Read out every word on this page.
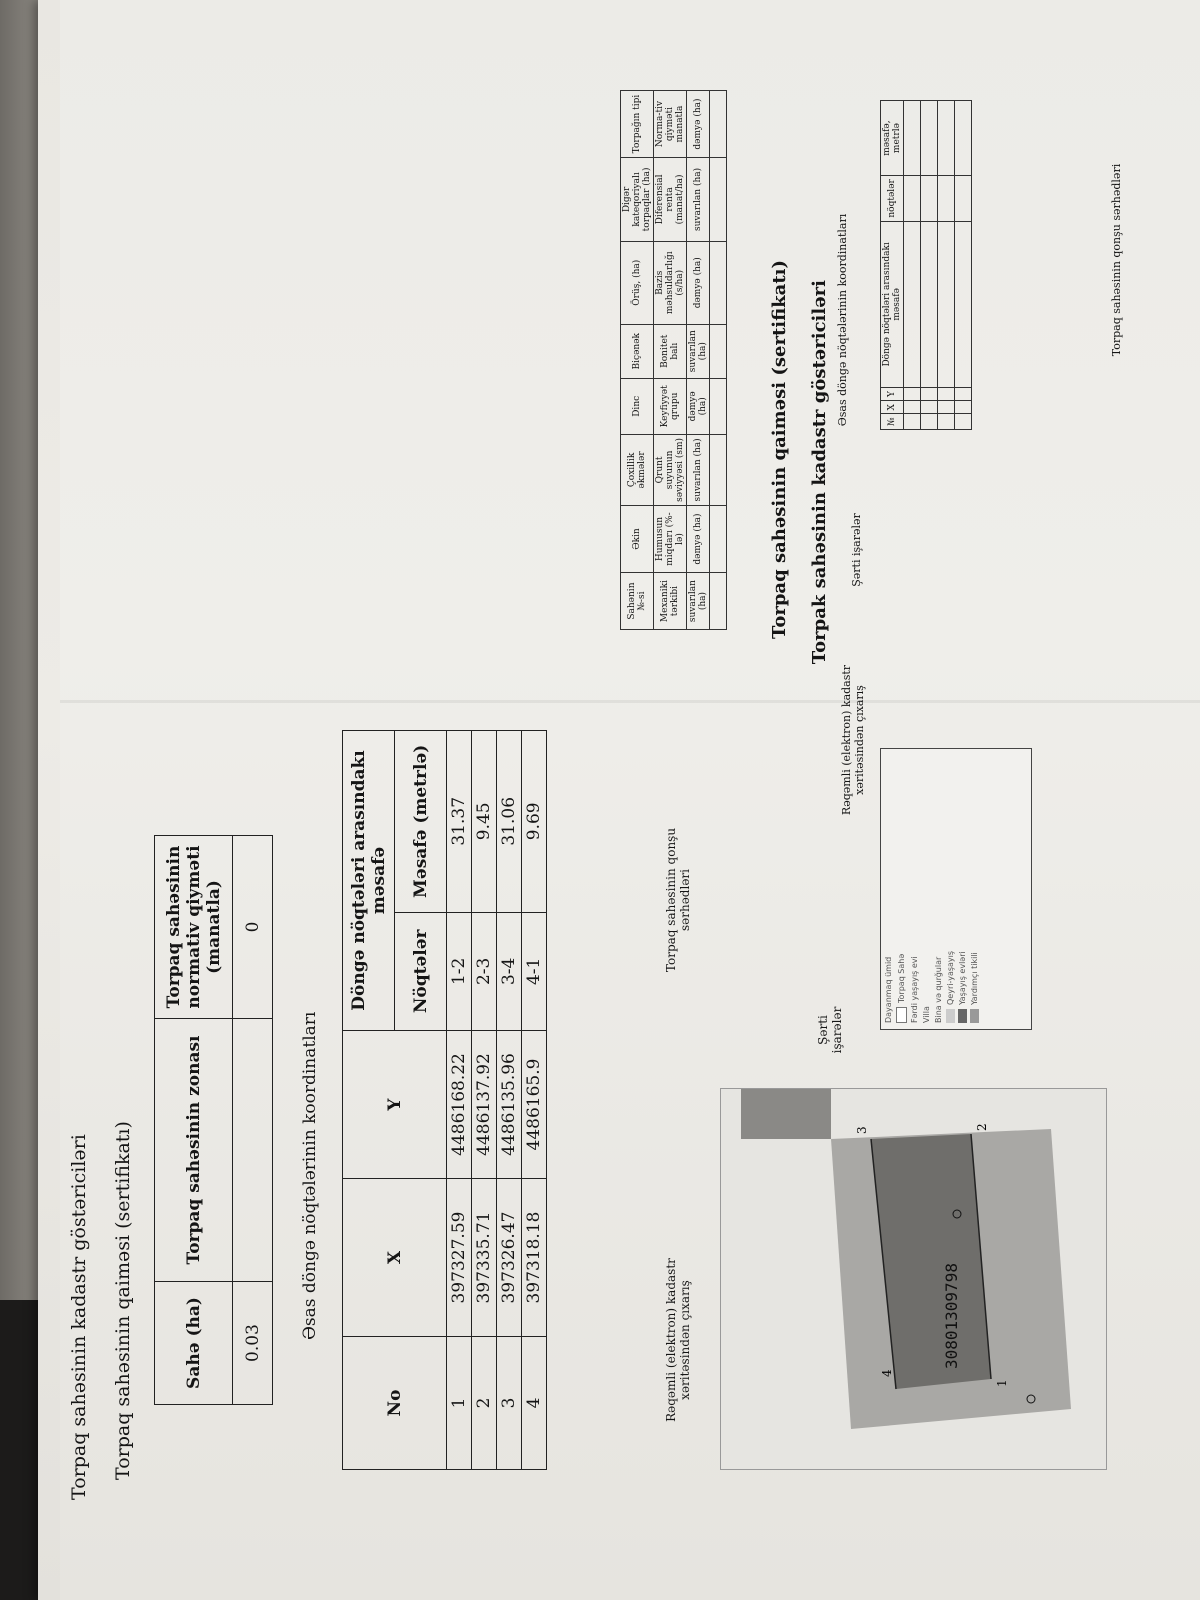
Torpaq sahəsinin kadastr göstəriciləri Torpaq sahəsinin qaiməsi (sertifikatı)	Sahə (ha)	Torpaq sahəsinin zonası	Torpaq sahəsinin normativ qiyməti (manatla)
0.03		0
Əsas döngə nöqtələrinin koordinatları
No	X	Y	Döngə nöqtələri arasındakı məsafə	
			Nöqtələr	Məsafə (metrlə)
1	397327.59	4486168.22	1-2	31.37
2	397335.71	4486137.92	2-3	9.45
3	397326.47	4486135.96	3-4	31.06
4	397318.18	4486165.9	4-1	9.69
Rəqəmli (elektron) kadastr xəritəsindən çıxarış
Torpaq sahəsinin qonşu sərhədləri
Şərti işarələr
30801309798
4
3	2
1
Dayanmaq ümid Torpaq Sahə Fərdi yaşayış evi Villa Bina və qurğular Qeyri-yaşayış Yaşayış evləri Yardımçı tikili
Torpak sahəsinin kadastr göstəriciləri
Torpaq sahəsinin qaiməsi (sertifikatı)
Sahənin №-si	Əkin	Çoxillik əkmələr	Dinc	Biçənək	Örüş, (ha)	Digər kateqoriyalı torpaqlar (ha)	Torpağın tipi
Mexaniki tərkibi	Humusun miqdarı (%-lə)	Qrunt suyunun səviyyəsi (sm)	Keyfiyyət qrupu	Bonitet balı	Bazis məhsuldarlığı (s/ha)	Diferensial renta (manat/ha)	Norma-tiv qiyməti manatla
suvarılan (ha)	dəmyə (ha)	suvarılan (ha)	dəmyə (ha)	suvarılan (ha)	dəmyə (ha)	suvarılan (ha)	dəmyə (ha)

Rəqəmli (elektron) kadastr xəritəsindən çıxarış
Şərti işarələr
Əsas döngə nöqtələrinin koordinatları	№	X	Y	Döngə nöqtələri arasındakı məsafə	nöqtələr	məsafə, metrlə

Torpaq sahəsinin qonşu sərhədləri
